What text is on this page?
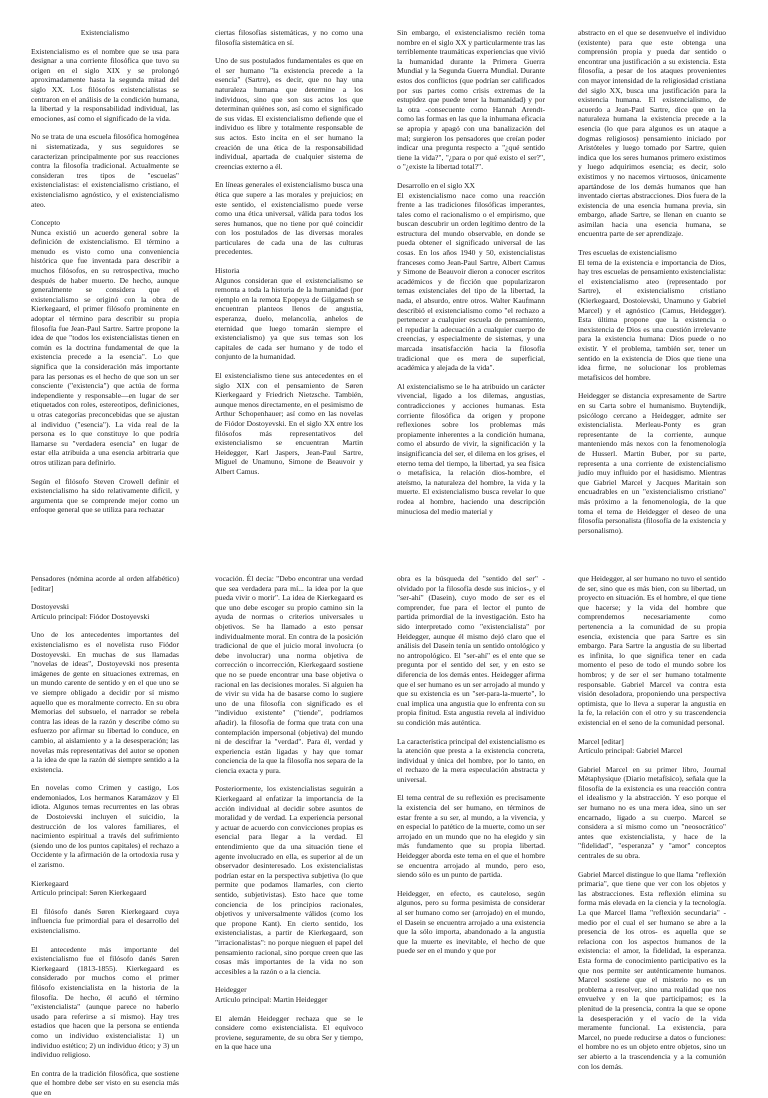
Existencialismo

Existencialismo es el nombre que se usa para designar a una corriente filosófica que tuvo su origen en el siglo XIX y se prolongó aproximadamente hasta la segunda mitad del siglo XX. Los filósofos existencialistas se centraron en el análisis de la condición humana, la libertad y la responsabilidad individual, las emociones, así como el significado de la vida.

No se trata de una escuela filosófica homogénea ni sistematizada, y sus seguidores se caracterizan principalmente por sus reacciones contra la filosofía tradicional. Actualmente se consideran tres tipos de "escuelas" existencialistas: el existencialismo cristiano, el existencialismo agnóstico, y el existencialismo ateo.

Concepto

Nunca existió un acuerdo general sobre la definición de existencialismo. El término a menudo es visto como una conveniencia histórica que fue inventada para describir a muchos filósofos, en su retrospectiva, mucho después de haber muerto. De hecho, aunque generalmente se considera que el existencialismo se originó con la obra de Kierkegaard, el primer filósofo prominente en adoptar el término para describir su propia filosofía fue Jean-Paul Sartre. Sartre propone la idea de que "todos los existencialistas tienen en común es la doctrina fundamental de que la existencia precede a la esencia". Lo que significa que la consideración más importante para las personas es el hecho de que son un ser consciente ("existencia") que actúa de forma independiente y responsable—en lugar de ser etiquetados con roles, estereotipos, definiciones, u otras categorías preconcebidas que se ajustan al individuo ("esencia"). La vida real de la persona es lo que constituye lo que podría llamarse su "verdadera esencia" en lugar de estar ella atribuida a una esencia arbitraria que otros utilizan para definirlo.

Según el filósofo Steven Crowell definir el existencialismo ha sido relativamente difícil, y argumenta que se comprende mejor como un enfoque general que se utiliza para rechazar

ciertas filosofías sistemáticas, y no como una filosofía sistemática en sí.

Uno de sus postulados fundamentales es que en el ser humano "la existencia precede a la esencia" (Sartre), es decir, que no hay una naturaleza humana que determine a los individuos, sino que son sus actos los que determinan quiénes son, así como el significado de sus vidas. El existencialismo defiende que el individuo es libre y totalmente responsable de sus actos. Esto incita en el ser humano la creación de una ética de la responsabilidad individual, apartada de cualquier sistema de creencias externo a él.

En líneas generales el existencialismo busca una ética que supere a las morales y prejuicios; en este sentido, el existencialismo puede verse como una ética universal, válida para todos los seres humanos, que no tiene por qué coincidir con los postulados de las diversas morales particulares de cada una de las culturas precedentes.

Historia

Algunos consideran que el existencialismo se remonta a toda la historia de la humanidad (por ejemplo en la remota Epopeya de Gilgamesh se encuentran planteos llenos de angustia, esperanza, duelo, melancolía, anhelos de eternidad que luego tomarán siempre el existencialismo) ya que sus temas son los capitales de cada ser humano y de todo el conjunto de la humanidad.

El existencialismo tiene sus antecedentes en el siglo XIX con el pensamiento de Søren Kierkegaard y Friedrich Nietzsche. También, aunque menos directamente, en el pesimismo de Arthur Schopenhauer; así como en las novelas de Fiódor Dostoyevski. En el siglo XX entre los filósofos más representativos del existencialismo se encuentran Martin Heidegger, Karl Jaspers, Jean-Paul Sartre, Miguel de Unamuno, Simone de Beauvoir y Albert Camus.

Sin embargo, el existencialismo recién toma nombre en el siglo XX y particularmente tras las terriblemente traumáticas experiencias que vivió la humanidad durante la Primera Guerra Mundial y la Segunda Guerra Mundial. Durante estos dos conflictos (que podrían ser calificados por sus partes como crisis extremas de la estupidez que puede tener la humanidad) y por la otra -consecuente como Hannah Arendt- como las formas en las que la inhumana eficacia se apropia y apagó con una banalización del mal; surgieron los pensadores que creían poder indicar una pregunta respecto a "¿qué sentido tiene la vida?", "¿para o por qué existo el ser?", o "¿existe la libertad total?".

Desarrollo en el siglo XX

El existencialismo nace como una reacción frente a las tradiciones filosóficas imperantes, tales como el racionalismo o el empirismo, que buscan descubrir un orden legítimo dentro de la estructura del mundo observable, en donde se pueda obtener el significado universal de las cosas. En los años 1940 y 50, existencialistas franceses como Jean-Paul Sartre, Albert Camus y Simone de Beauvoir dieron a conocer escritos académicos y de ficción que popularizaron temas existenciales del tipo de la libertad, la nada, el absurdo, entre otros. Walter Kaufmann describió el existencialismo como "el rechazo a pertenecer a cualquier escuela de pensamiento, el repudiar la adecuación a cualquier cuerpo de creencias, y especialmente de sistemas, y una marcada insatisfacción hacia la filosofía tradicional que es mera de superficial, académica y alejada de la vida".

Al existencialismo se le ha atribuido un carácter vivencial, ligado a los dilemas, angustias, contradicciones y acciones humanas. Esta corriente filosófica da origen y propone reflexiones sobre los problemas más propiamente inherentes a la condición humana, como el absurdo de vivir, la significación y la insignificancia del ser, el dilema en los grises, el eterno tema del tiempo, la libertad, ya sea física o metafísica, la relación dios-hombre, el ateísmo, la naturaleza del hombre, la vida y la muerte. El existencialismo busca revelar lo que rodea al hombre, haciendo una descripción minuciosa del medio material y

abstracto en el que se desenvuelve el individuo (existente) para que este obtenga una comprensión propia y pueda dar sentido o encontrar una justificación a su existencia. Esta filosofía, a pesar de los ataques provenientes con mayor intensidad de la religiosidad cristiana del siglo XX, busca una justificación para la existencia humana. El existencialismo, de acuerdo a Jean-Paul Sartre, dice que en la naturaleza humana la existencia precede a la esencia (lo que para algunos es un ataque a dogmas religiosos) pensamiento iniciado por Aristóteles y luego tomado por Sartre, quien indica que los seres humanos primero existimos y luego adquirimos esencia; es decir, solo existimos y no nacemos virtuosos, únicamente apartándose de los demás humanos que han inventado ciertas abstracciones. Dios fuera de la existencia de una esencia humana previa, sin embargo, añade Sartre, se llenan en cuanto se asimilan hacia una esencia humana, se encuentra parte de ser aprendizaje.

Tres escuelas de existencialismo

El tema de la existencia e importancia de Dios, hay tres escuelas de pensamiento existencialista: el existencialismo ateo (representado por Sartre), el existencialismo cristiano (Kierkegaard, Dostoievski, Unamuno y Gabriel Marcel) y el agnóstico (Camus, Heidegger). Esta última propone que la existencia o inexistencia de Dios es una cuestión irrelevante para la existencia humana: Dios puede o no existir. Y el problema, también ser, tener un sentido en la existencia de Dios que tiene una idea firme, ne solucionar los problemas metafísicos del hombre.

Heidegger se distancia expresamente de Sartre en su Carta sobre el humanismo. Buytendijk, psicólogo cercano a Heidegger, admite ser existencialista. Merleau-Ponty es gran representante de la corriente, aunque manteniendo más nexos con la fenomenología de Husserl. Martin Buber, por su parte, representa a una corriente de existencialismo judío muy influido por el hasidismo. Mientras que Gabriel Marcel y Jacques Maritain son encuadrables en un "existencialismo cristiano" más próximo a la fenomenología, de la que toma el tema de Heidegger el deseo de una filosofía personalista (filosofía de la existencia y personalismo).

Pensadores (nómina acorde al orden alfabético) [editar]

Dostoyevski

Artículo principal: Fiódor Dostoyevski

Uno de los antecedentes importantes del existencialismo es el novelista ruso Fiódor Dostoyevski. En muchas de sus llamadas "novelas de ideas", Dostoyevski nos presenta imágenes de gente en situaciones extremas, en un mundo carente de sentido y en el que uno se ve siempre obligado a decidir por sí mismo aquello que es moralmente correcto. En su obra Memorias del subsuelo, el narrador se rebela contra las ideas de la razón y describe cómo su esfuerzo por afirmar su libertad lo conduce, en cambio, al aislamiento y a la desesperación; las novelas más representativas del autor se oponen a la idea de que la razón dé siempre sentido a la existencia.

En novelas como Crimen y castigo, Los endemoniados, Los hermanos Karamázov y El idiota. Algunos temas recurrentes en las obras de Dostoievski incluyen el suicidio, la destrucción de los valores familiares, el nacimiento espiritual a través del sufrimiento (siendo uno de los puntos capitales) el rechazo a Occidente y la afirmación de la ortodoxia rusa y el zarismo.

Kierkegaard

Artículo principal: Søren Kierkegaard

El filósofo danés Søren Kierkegaard cuya influencia fue primordial para el desarrollo del existencialismo.

El antecedente más importante del existencialismo fue el filósofo danés Søren Kierkegaard (1813-1855). Kierkegaard es considerado por muchos como el primer filósofo existencialista en la historia de la filosofía. De hecho, él acuñó el término "existencialista" (aunque parece no haberlo usado para referirse a sí mismo). Hay tres estadios que hacen que la persona se entienda como un individuo existencialista: 1) un individuo estético; 2) un individuo ético; y 3) un individuo religioso.

En contra de la tradición filosófica, que sostiene que el hombre debe ser visto en su esencia más que en

vocación. Él decía: "Debo encontrar una verdad que sea verdadera para mí... la idea por la que pueda vivir o morir". La idea de Kierkegaard es que uno debe escoger su propio camino sin la ayuda de normas o criterios universales u objetivos. Se ha llamado a esto pensar individualmente moral. En contra de la posición tradicional de que el juicio moral involucra (o debe involucrar) una norma objetiva de corrección o incorrección, Kierkegaard sostiene que no se puede encontrar una base objetiva o racional en las decisiones morales. Si alguien ha de vivir su vida ha de basarse como lo sugiere uno de una filosofía con significado es el "individuo existente" ("tiende", podríamos añadir). la filosofía de forma que trata con una contemplación impersonal (objetiva) del mundo ni de descifrar la "verdad". Para él, verdad y experiencia están ligadas y hay que tomar conciencia de la que la filosofía nos separa de la ciencia exacta y pura.

Posteriormente, los existencialistas seguirán a Kierkegaard al enfatizar la importancia de la acción individual al decidir sobre asuntos de moralidad y de verdad. La experiencia personal y actuar de acuerdo con convicciones propias es esencial para llegar a la verdad. El entendimiento que da una situación tiene el agente involucrado en ella, es superior al de un observador desinteresado. Los existencialistas podrían estar en la perspectiva subjetiva (lo que permite que podamos llamarles, con cierto sentido, subjetivistas). Esto hace que tome conciencia de los principios racionales, objetivos y universalmente válidos (como los que propone Kant). En cierto sentido, los existencialistas, a partir de Kierkegaard, son "irracionalistas": no porque nieguen el papel del pensamiento racional, sino porque creen que las cosas más importantes de la vida no son accesibles a la razón o a la ciencia.

Heidegger

Artículo principal: Martin Heidegger

El alemán Heidegger rechaza que se le considere como existencialista. El equívoco proviene, seguramente, de su obra Ser y tiempo, en la que hace una

obra es la búsqueda del "sentido del ser" - olvidado por la filosofía desde sus inicios-, y el "ser-ahí" (Dasein), cuyo modo de ser es el comprender, fue para el lector el punto de partida primordial de la investigación. Esto ha sido interpretado como "existencialista" por Heidegger, aunque él mismo dejó claro que el análisis del Dasein tenía un sentido ontológico y no antropológico. El "ser-ahí" es el ente que se pregunta por el sentido del ser, y en esto se diferencia de los demás entes. Heidegger afirma que el ser humano es un ser arrojado al mundo y que su existencia es un "ser-para-la-muerte", lo cual implica una angustia que lo enfrenta con su propia finitud. Esta angustia revela al individuo su condición más auténtica.

La característica principal del existencialismo es la atención que presta a la existencia concreta, individual y única del hombre, por lo tanto, en el rechazo de la mera especulación abstracta y universal.

El tema central de su reflexión es precisamente la existencia del ser humano, en términos de estar frente a su ser, al mundo, a la vivencia, y en especial lo patético de la muerte, como un ser arrojado en un mundo que no ha elegido y sin más fundamento que su propia libertad. Heidegger aborda este tema en el que el hombre se encuentra arrojado al mundo, pero eso, siendo sólo es un punto de partida.

Heidegger, en efecto, es cauteloso, según algunos, pero su forma pesimista de considerar al ser humano como ser (arrojado) en el mundo, el Dasein se encuentra arrojado a una existencia que la sólo importa, abandonado a la angustia que la muerte es inevitable, el hecho de que puede ser en el mundo y que por

que Heidegger, al ser humano no tuvo el sentido de ser, sino que es más bien, con su libertad, un proyecto en situación. Es el hombre, el que tiene que hacerse; y la vida del hombre que comprendemos necesariamente como pertenencia a la comunidad de su propia esencia, existencia que para Sartre es sin embargo. Para Sartre la angustia de su libertad es infinita, lo que significa tener en cada momento el peso de todo el mundo sobre los hombros; y de ser el ser humano totalmente responsable. Gabriel Marcel va contra esta visión desoladora, proponiendo una perspectiva optimista, que lo lleva a superar la angustia en la fe, la relación con el otro y su trascendencia existencial en el seno de la comunidad personal.

Marcel [editar]

Artículo principal: Gabriel Marcel

Gabriel Marcel en su primer libro, Journal Métaphysique (Diario metafísico), señala que la filosofía de la existencia es una reacción contra el idealismo y la abstracción. Y eso porque el ser humano no es una mera idea, sino un ser encarnado, ligado a su cuerpo. Marcel se considera a sí mismo como un "neosocrático" antes que existencialista, y hace de la "fidelidad", "esperanza" y "amor" conceptos centrales de su obra.

Gabriel Marcel distingue lo que llama "reflexión primaria", que tiene que ver con los objetos y las abstracciones. Esta reflexión elimina su forma más elevada en la ciencia y la tecnología. La que Marcel llama "reflexión secundaria" -medio por el cual el ser humano se abre a la presencia de los otros- es aquella que se relaciona con los aspectos humanos de la existencia: el amor, la fidelidad, la esperanza. Esta forma de conocimiento participativo es la que nos permite ser auténticamente humanos. Marcel sostiene que el misterio no es un problema a resolver, sino una realidad que nos envuelve y en la que participamos; es la plenitud de la presencia, contra la que se opone la desesperación y el vacío de la vida meramente funcional. La existencia, para Marcel, no puede reducirse a datos o funciones: el hombre no es un objeto entre objetos, sino un ser abierto a la trascendencia y a la comunión con los demás.
